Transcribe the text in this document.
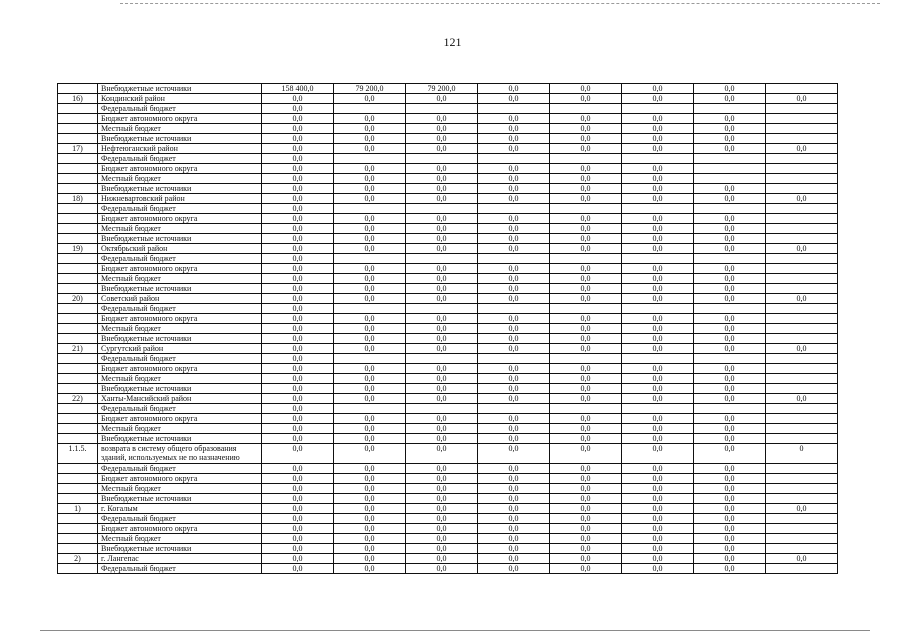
121
	Внебюджетные источники	158 400,0	79 200,0	79 200,0	0,0	0,0	0,0	0,0	
16)	Кондинский район	0,0	0,0	0,0	0,0	0,0	0,0	0,0	0,0
	Федеральный бюджет	0,0							
	Бюджет автономного округа	0,0	0,0	0,0	0,0	0,0	0,0	0,0	
	Местный бюджет	0,0	0,0	0,0	0,0	0,0	0,0	0,0	
	Внебюджетные источники	0,0	0,0	0,0	0,0	0,0	0,0	0,0	
17)	Нефтеюганский район	0,0	0,0	0,0	0,0	0,0	0,0	0,0	0,0
	Федеральный бюджет	0,0							
	Бюджет автономного округа	0,0	0,0	0,0	0,0	0,0	0,0		
	Местный бюджет	0,0	0,0	0,0	0,0	0,0	0,0		
	Внебюджетные источники	0,0	0,0	0,0	0,0	0,0	0,0	0,0	
18)	Нижневартовский район	0,0	0,0	0,0	0,0	0,0	0,0	0,0	0,0
	Федеральный бюджет	0,0							
	Бюджет автономного округа	0,0	0,0	0,0	0,0	0,0	0,0	0,0	
	Местный бюджет	0,0	0,0	0,0	0,0	0,0	0,0	0,0	
	Внебюджетные источники	0,0	0,0	0,0	0,0	0,0	0,0	0,0	
19)	Октябрьский район	0,0	0,0	0,0	0,0	0,0	0,0	0,0	0,0
	Федеральный бюджет	0,0							
	Бюджет автономного округа	0,0	0,0	0,0	0,0	0,0	0,0	0,0	
	Местный бюджет	0,0	0,0	0,0	0,0	0,0	0,0	0,0	
	Внебюджетные источники	0,0	0,0	0,0	0,0	0,0	0,0	0,0	
20)	Советский район	0,0	0,0	0,0	0,0	0,0	0,0	0,0	0,0
	Федеральный бюджет	0,0							
	Бюджет автономного округа	0,0	0,0	0,0	0,0	0,0	0,0	0,0	
	Местный бюджет	0,0	0,0	0,0	0,0	0,0	0,0	0,0	
	Внебюджетные источники	0,0	0,0	0,0	0,0	0,0	0,0	0,0	
21)	Сургутский район	0,0	0,0	0,0	0,0	0,0	0,0	0,0	0,0
	Федеральный бюджет	0,0							
	Бюджет автономного округа	0,0	0,0	0,0	0,0	0,0	0,0	0,0	
	Местный бюджет	0,0	0,0	0,0	0,0	0,0	0,0	0,0	
	Внебюджетные источники	0,0	0,0	0,0	0,0	0,0	0,0	0,0	
22)	Ханты-Мансийский район	0,0	0,0	0,0	0,0	0,0	0,0	0,0	0,0
	Федеральный бюджет	0,0							
	Бюджет автономного округа	0,0	0,0	0,0	0,0	0,0	0,0	0,0	
	Местный бюджет	0,0	0,0	0,0	0,0	0,0	0,0	0,0	
	Внебюджетные источники	0,0	0,0	0,0	0,0	0,0	0,0	0,0	
1.1.5.	возврата в систему общего образования зданий, используемых не по назначению	0,0	0,0	0,0	0,0	0,0	0,0	0,0	0
	Федеральный бюджет	0,0	0,0	0,0	0,0	0,0	0,0	0,0	
	Бюджет автономного округа	0,0	0,0	0,0	0,0	0,0	0,0	0,0	
	Местный бюджет	0,0	0,0	0,0	0,0	0,0	0,0	0,0	
	Внебюджетные источники	0,0	0,0	0,0	0,0	0,0	0,0	0,0	
1)	г. Когалым	0,0	0,0	0,0	0,0	0,0	0,0	0,0	0,0
	Федеральный бюджет	0,0	0,0	0,0	0,0	0,0	0,0	0,0	
	Бюджет автономного округа	0,0	0,0	0,0	0,0	0,0	0,0	0,0	
	Местный бюджет	0,0	0,0	0,0	0,0	0,0	0,0	0,0	
	Внебюджетные источники	0,0	0,0	0,0	0,0	0,0	0,0	0,0	
2)	г. Лангепас	0,0	0,0	0,0	0,0	0,0	0,0	0,0	0,0
	Федеральный бюджет	0,0	0,0	0,0	0,0	0,0	0,0	0,0	
